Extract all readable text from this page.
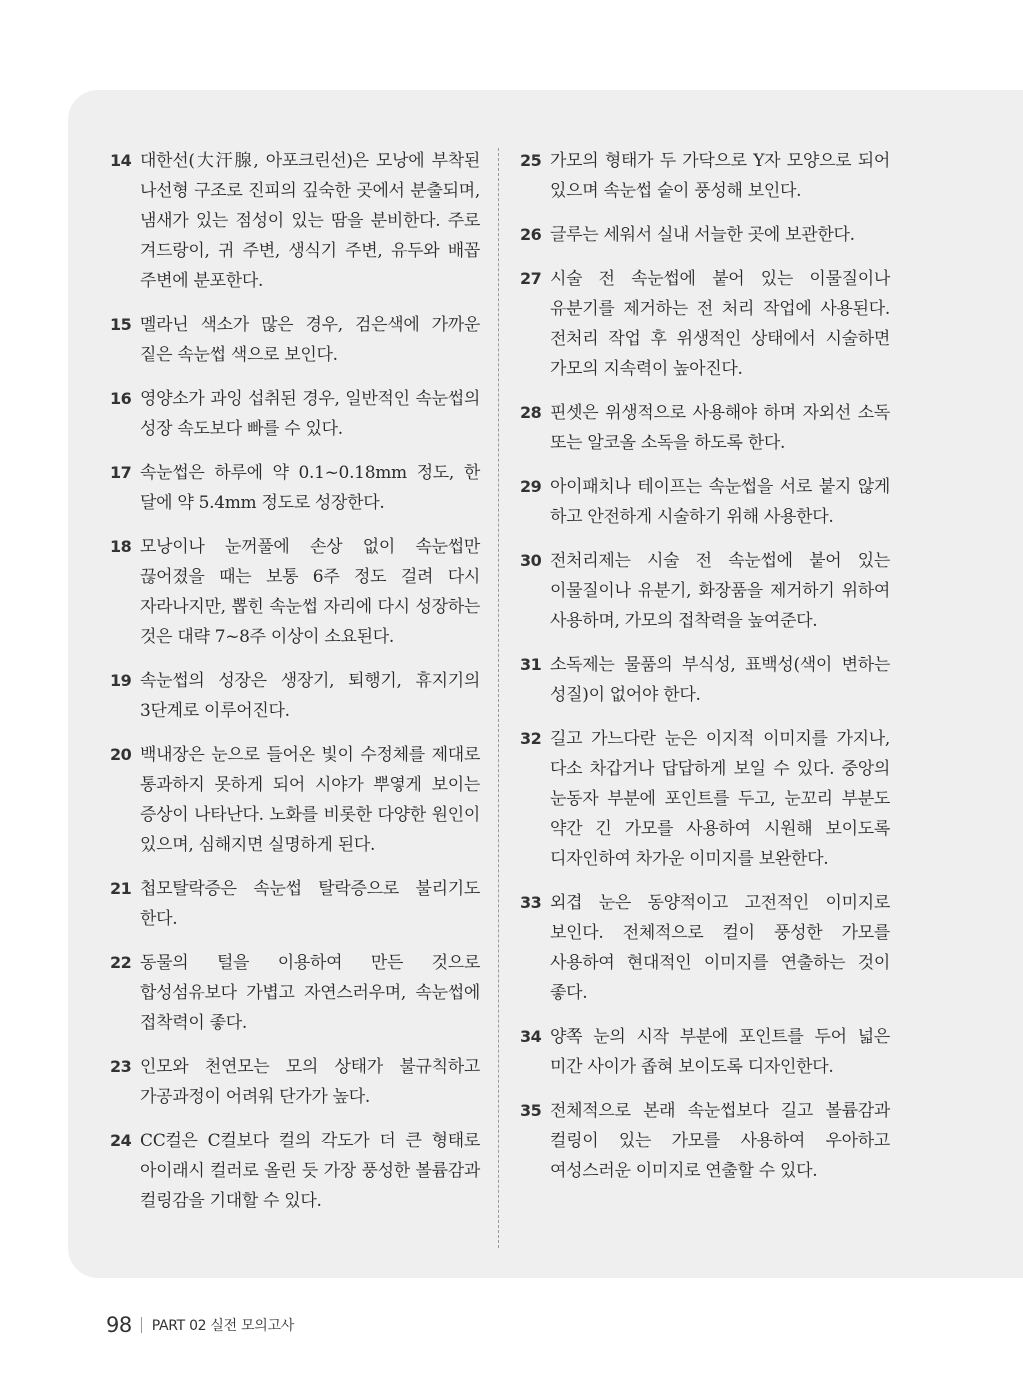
14 대한선(大汗腺, 아포크린선)은 모낭에 부착된 나선형 구조로 진피의 깊숙한 곳에서 분출되며, 냄새가 있는 점성이 있는 땀을 분비한다. 주로 겨드랑이, 귀 주변, 생식기 주변, 유두와 배꼽 주변에 분포한다.
15 멜라닌 색소가 많은 경우, 검은색에 가까운 짙은 속눈썹 색으로 보인다.
16 영양소가 과잉 섭취된 경우, 일반적인 속눈썹의 성장 속도보다 빠를 수 있다.
17 속눈썹은 하루에 약 0.1~0.18mm 정도, 한 달에 약 5.4mm 정도로 성장한다.
18 모낭이나 눈꺼풀에 손상 없이 속눈썹만 끊어졌을 때는 보통 6주 정도 걸려 다시 자라나지만, 뽑힌 속눈썹 자리에 다시 성장하는 것은 대략 7~8주 이상이 소요된다.
19 속눈썹의 성장은 생장기, 퇴행기, 휴지기의 3단계로 이루어진다.
20 백내장은 눈으로 들어온 빛이 수정체를 제대로 통과하지 못하게 되어 시야가 뿌옇게 보이는 증상이 나타난다. 노화를 비롯한 다양한 원인이 있으며, 심해지면 실명하게 된다.
21 첩모탈락증은 속눈썹 탈락증으로 불리기도 한다.
22 동물의 털을 이용하여 만든 것으로 합성섬유보다 가볍고 자연스러우며, 속눈썹에 접착력이 좋다.
23 인모와 천연모는 모의 상태가 불규칙하고 가공과정이 어려워 단가가 높다.
24 CC컬은 C컬보다 컬의 각도가 더 큰 형태로 아이래시 컬러로 올린 듯 가장 풍성한 볼륨감과 컬링감을 기대할 수 있다.
25 가모의 형태가 두 가닥으로 Y자 모양으로 되어 있으며 속눈썹 숱이 풍성해 보인다.
26 글루는 세워서 실내 서늘한 곳에 보관한다.
27 시술 전 속눈썹에 붙어 있는 이물질이나 유분기를 제거하는 전 처리 작업에 사용된다. 전처리 작업 후 위생적인 상태에서 시술하면 가모의 지속력이 높아진다.
28 핀셋은 위생적으로 사용해야 하며 자외선 소독 또는 알코올 소독을 하도록 한다.
29 아이패치나 테이프는 속눈썹을 서로 붙지 않게 하고 안전하게 시술하기 위해 사용한다.
30 전처리제는 시술 전 속눈썹에 붙어 있는 이물질이나 유분기, 화장품을 제거하기 위하여 사용하며, 가모의 접착력을 높여준다.
31 소독제는 물품의 부식성, 표백성(색이 변하는 성질)이 없어야 한다.
32 길고 가느다란 눈은 이지적 이미지를 가지나, 다소 차갑거나 답답하게 보일 수 있다. 중앙의 눈동자 부분에 포인트를 두고, 눈꼬리 부분도 약간 긴 가모를 사용하여 시원해 보이도록 디자인하여 차가운 이미지를 보완한다.
33 외겹 눈은 동양적이고 고전적인 이미지로 보인다. 전체적으로 컬이 풍성한 가모를 사용하여 현대적인 이미지를 연출하는 것이 좋다.
34 양쪽 눈의 시작 부분에 포인트를 두어 넓은 미간 사이가 좁혀 보이도록 디자인한다.
35 전체적으로 본래 속눈썹보다 길고 볼륨감과 컬링이 있는 가모를 사용하여 우아하고 여성스러운 이미지로 연출할 수 있다.
98 PART 02 실전 모의고사
